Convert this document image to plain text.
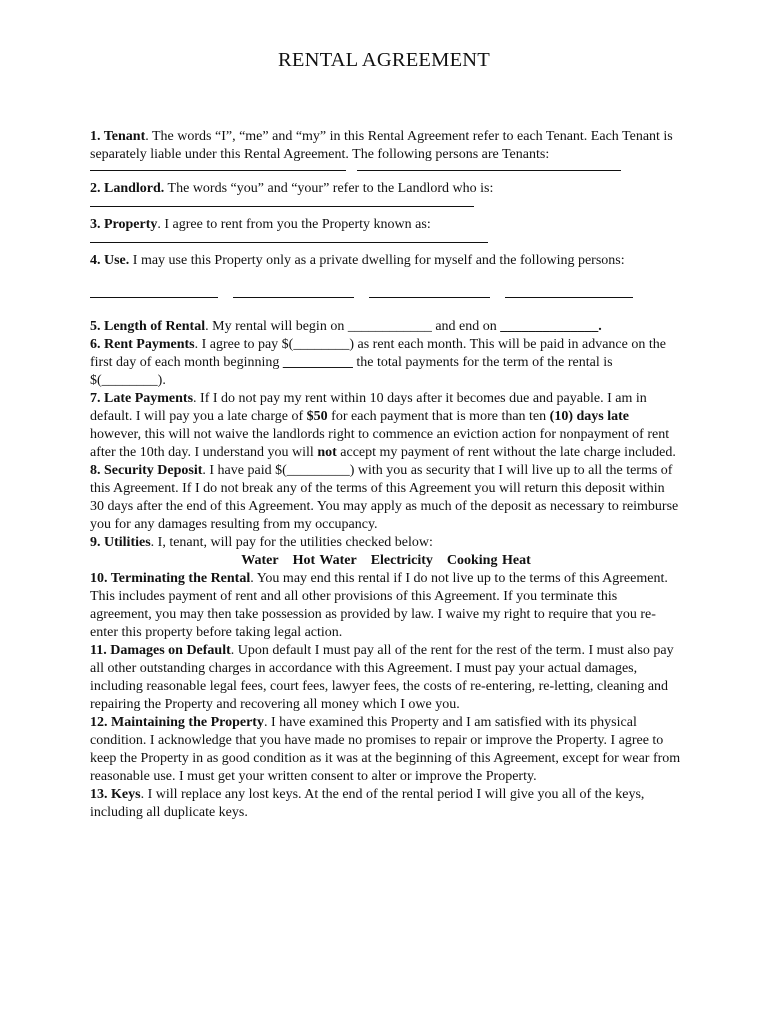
RENTAL AGREEMENT

1. Tenant. The words “I”, “me” and “my” in this Rental Agreement refer to each Tenant. Each Tenant is separately liable under this Rental Agreement. The following persons are Tenants:

2. Landlord. The words “you” and “your” refer to the Landlord who is:

3. Property. I agree to rent from you the Property known as:

4. Use. I may use this Property only as a private dwelling for myself and the following persons:

5. Length of Rental. My rental will begin on ____________ and end on ______________.

6. Rent Payments. I agree to pay $(________) as rent each month. This will be paid in advance on the first day of each month beginning __________ the total payments for the term of the rental is $(________).

7. Late Payments. If I do not pay my rent within 10 days after it becomes due and payable. I am in default. I will pay you a late charge of $50 for each payment that is more than ten (10) days late however, this will not waive the landlords right to commence an eviction action for nonpayment of rent after the 10th day. I understand you will not accept my payment of rent without the late charge included.

8. Security Deposit. I have paid $(_________) with you as security that I will live up to all the terms of this Agreement. If I do not break any of the terms of this Agreement you will return this deposit within 30 days after the end of this Agreement. You may apply as much of the deposit as necessary to reimburse you for any damages resulting from my occupancy.

9. Utilities. I, tenant, will pay for the utilities checked below:

Water Hot Water Electricity Cooking Heat

10. Terminating the Rental. You may end this rental if I do not live up to the terms of this Agreement. This includes payment of rent and all other provisions of this Agreement. If you terminate this agreement, you may then take possession as provided by law. I waive my right to require that you re-enter this property before taking legal action.

11. Damages on Default. Upon default I must pay all of the rent for the rest of the term. I must also pay all other outstanding charges in accordance with this Agreement. I must pay your actual damages, including reasonable legal fees, court fees, lawyer fees, the costs of re-entering, re-letting, cleaning and repairing the Property and recovering all money which I owe you.

12. Maintaining the Property. I have examined this Property and I am satisfied with its physical condition. I acknowledge that you have made no promises to repair or improve the Property. I agree to keep the Property in as good condition as it was at the beginning of this Agreement, except for wear from reasonable use. I must get your written consent to alter or improve the Property.

13. Keys. I will replace any lost keys. At the end of the rental period I will give you all of the keys, including all duplicate keys.
